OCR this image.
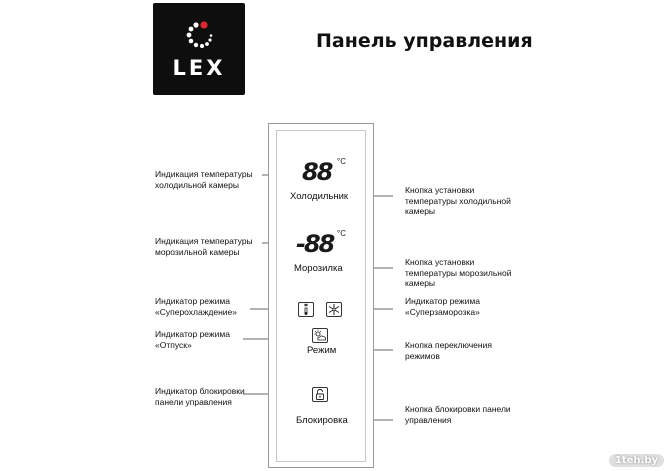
LEX
Панель управления
88 °C
Холодильник
-88 °C
Морозилка
Режим
Блокировка
Индикация температуры
холодильной камеры
Индикация температуры
морозильной камеры
Индикатор режима
«Суперохлаждение»
Индикатор режима
«Отпуск»
Индикатор блокировки
панели управления
Кнопка установки
температуры холодильной
камеры
Кнопка установки
температуры морозильной
камеры
Индикатор режима
«Суперзаморозка»
Кнопка переключения
режимов
Кнопка блокировки панели
управления
1teh.by
